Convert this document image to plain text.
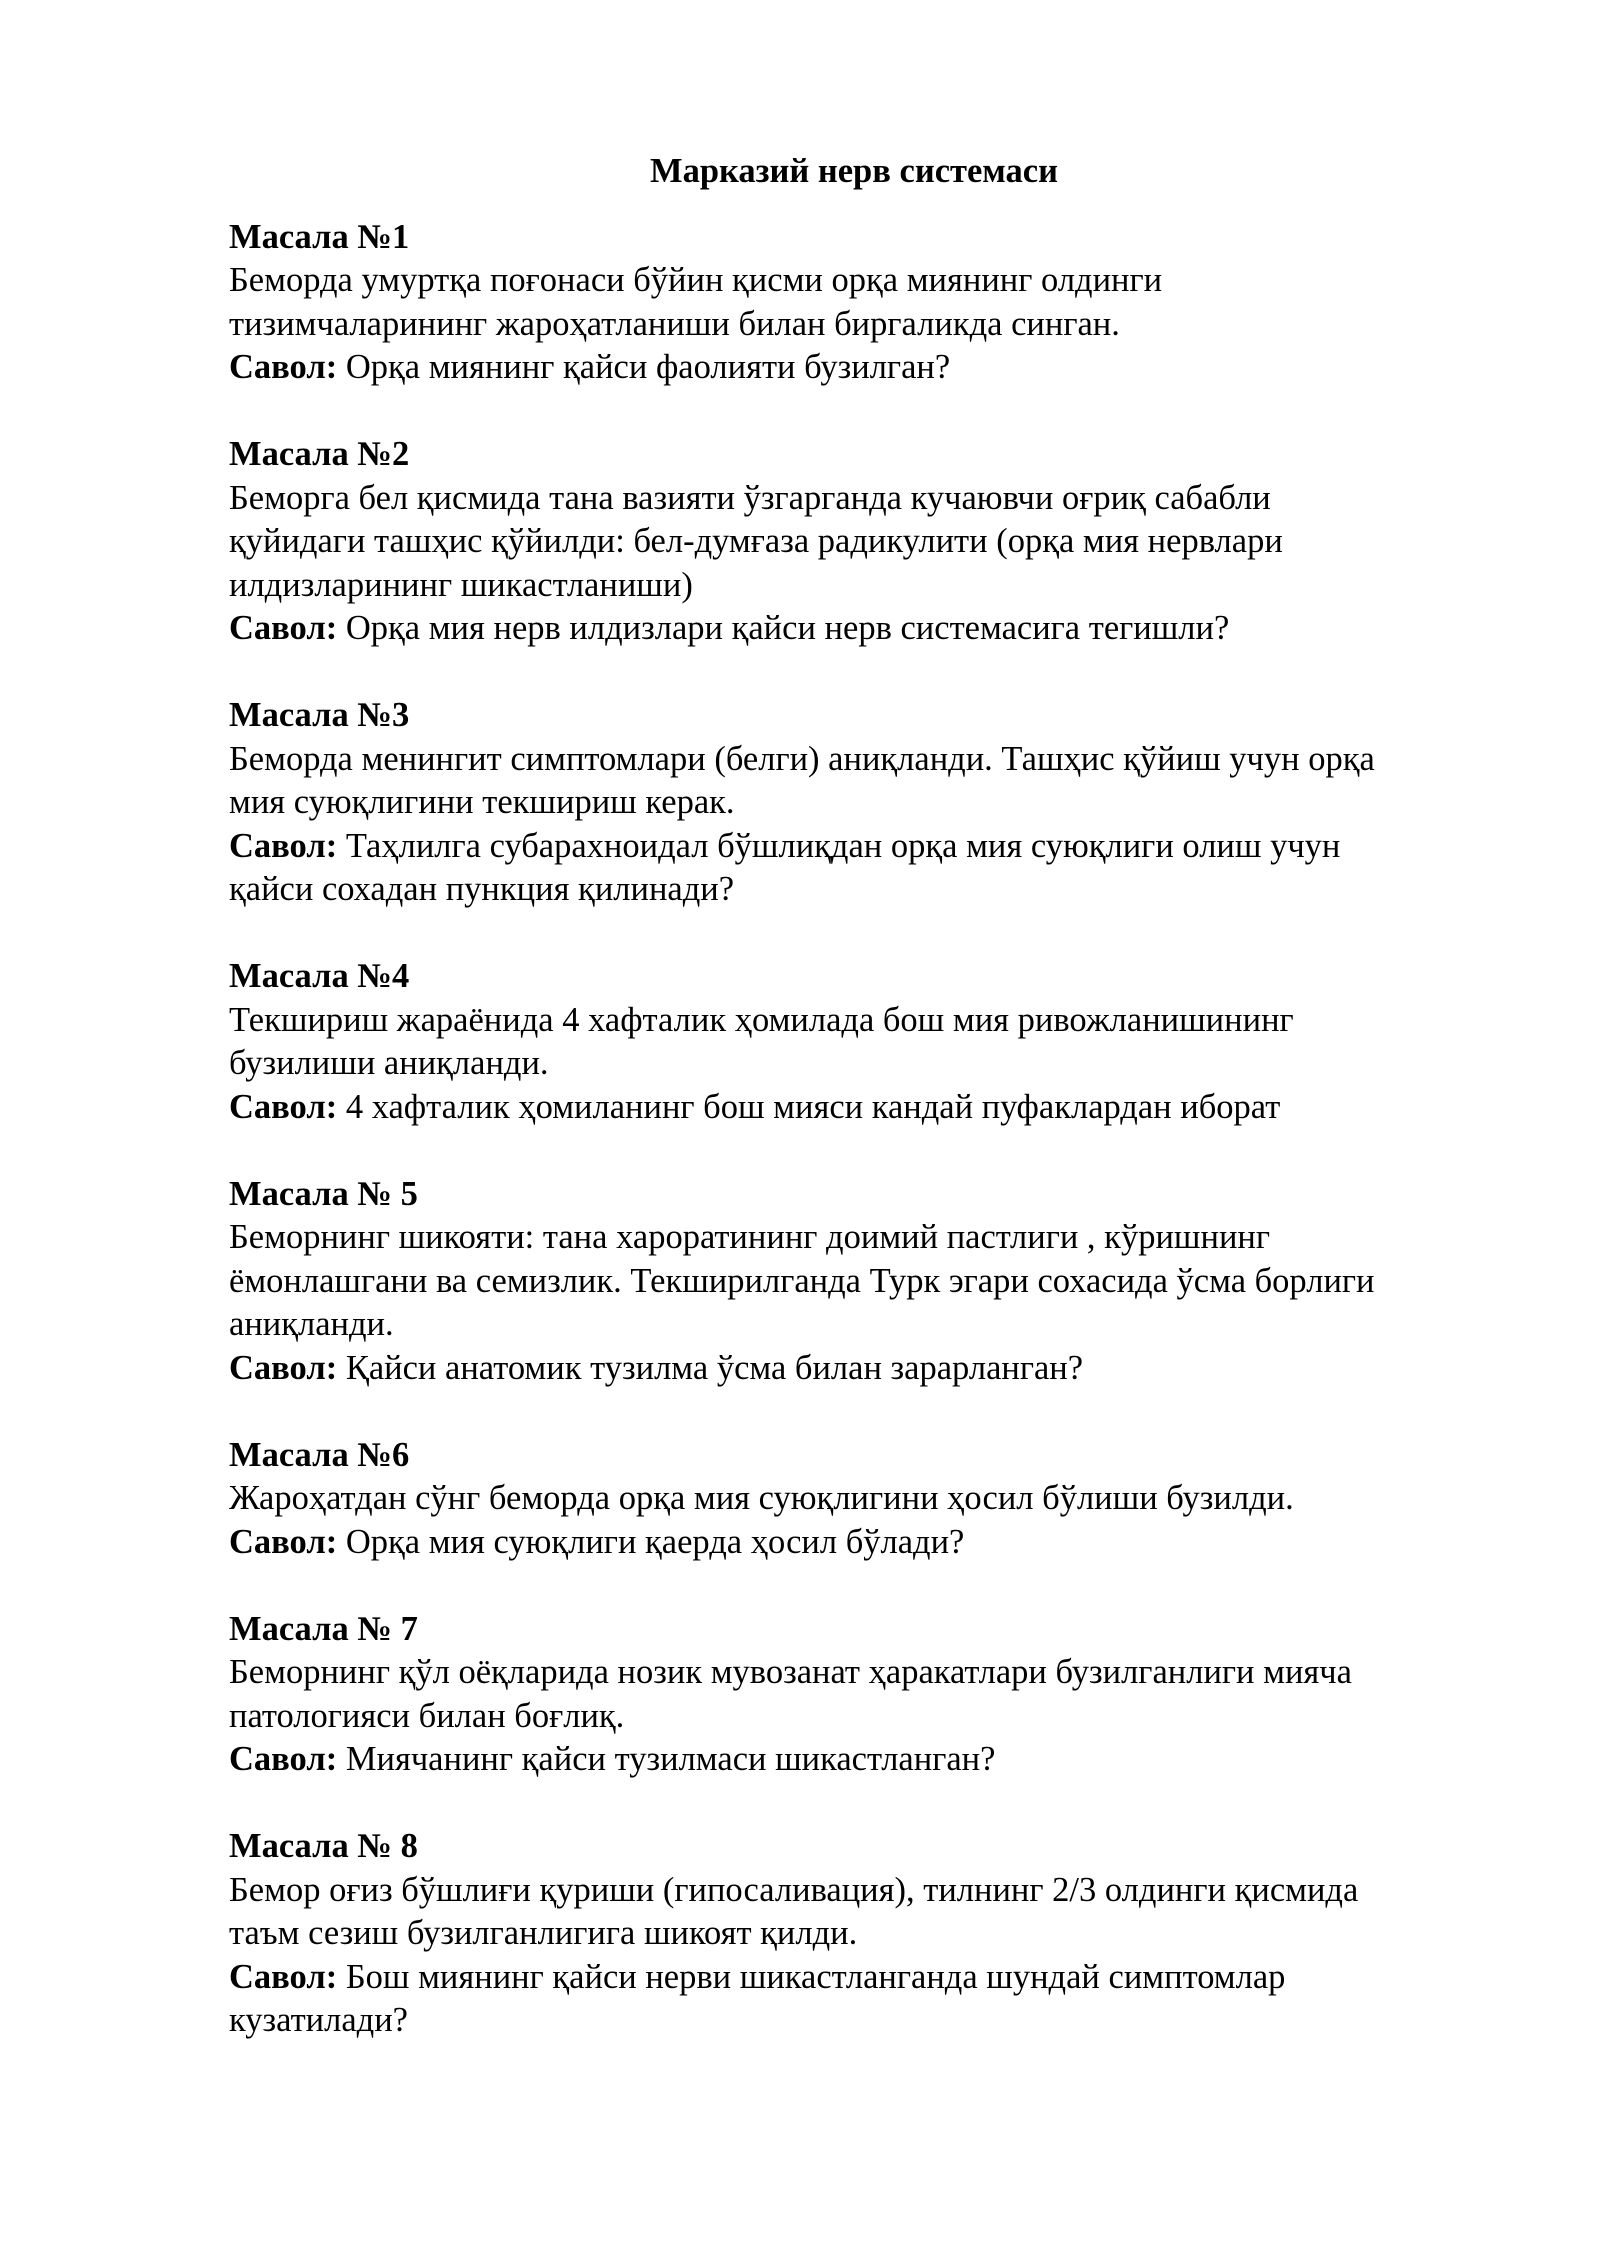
Марказий нерв системаси
Масала №1
Беморда умуртқа поғонаси бўйин қисми орқа миянинг олдинги
тизимчаларининг жароҳатланиши билан биргаликда синган.
Савол: Орқа миянинг қайси фаолияти бузилган?
Масала №2
Беморга бел қисмида тана вазияти ўзгарганда кучаювчи оғриқ сабабли
қуйидаги ташҳис қўйилди: бел-думғаза радикулити (орқа мия нервлари
илдизларининг шикастланиши)
Савол: Орқа мия нерв илдизлари қайси нерв системасига тегишли?
Масала №3
Беморда менингит симптомлари (белги) аниқланди. Ташҳис қўйиш учун орқа
мия суюқлигини текшириш керак.
Савол: Таҳлилга субарахноидал бўшлиқдан орқа мия суюқлиги олиш учун
қайси сохадан пункция қилинади?
Масала №4
Текшириш жараёнида 4 хафталик ҳомилада бош мия ривожланишининг
бузилиши аниқланди.
Савол: 4 хафталик ҳомиланинг бош мияси кандай пуфаклардан иборат
Масала № 5
Беморнинг шикояти: тана хароратининг доимий пастлиги , кўришнинг
ёмонлашгани ва семизлик. Текширилганда Турк эгари сохасида ўсма борлиги
аниқланди.
Савол: Қайси анатомик тузилма ўсма билан зарарланган?
Масала №6
Жароҳатдан сўнг беморда орқа мия суюқлигини ҳосил бўлиши бузилди.
Савол: Орқа мия суюқлиги қаерда ҳосил бўлади?
Масала № 7
Беморнинг қўл оёқларида нозик мувозанат ҳаракатлари бузилганлиги мияча
патологияси билан боғлиқ.
Савол: Миячанинг қайси тузилмаси шикастланган?
Масала № 8
Бемор оғиз бўшлиғи қуриши (гипосаливация), тилнинг 2/3 олдинги қисмида
таъм сезиш бузилганлигига шикоят қилди.
Савол: Бош миянинг қайси нерви шикастланганда шундай симптомлар
кузатилади?
